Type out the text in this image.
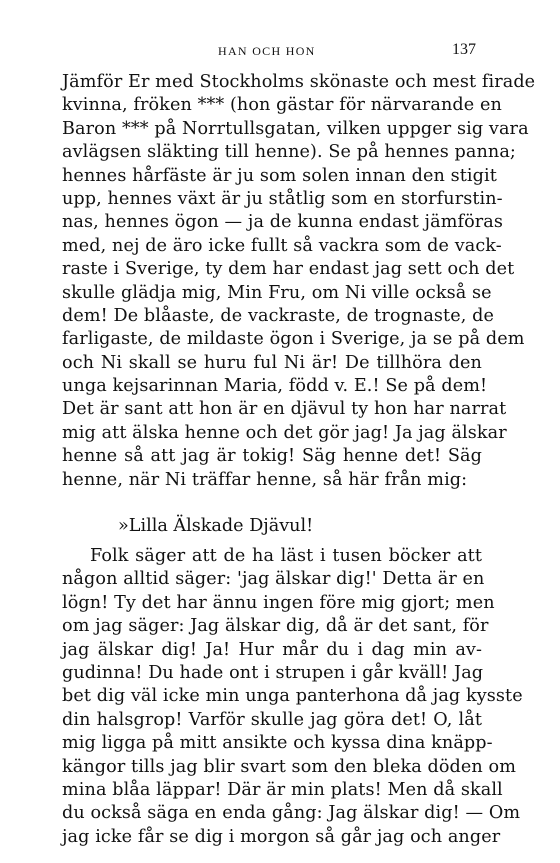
HAN OCH HON	137
Jämför Er med Stockholms skönaste och mest firade
kvinna, fröken *** (hon gästar för närvarande en
Baron *** på Norrtullsgatan, vilken uppger sig vara
avlägsen släkting till henne). Se på hennes panna;
hennes hårfäste är ju som solen innan den stigit
upp, hennes växt är ju ståtlig som en storfurstin-
nas, hennes ögon — ja de kunna endast jämföras
med, nej de äro icke fullt så vackra som de vack-
raste i Sverige, ty dem har endast jag sett och det
skulle glädja mig, Min Fru, om Ni ville också se
dem! De blåaste, de vackraste, de trognaste, de
farligaste, de mildaste ögon i Sverige, ja se på dem
och Ni skall se huru ful Ni är! De tillhöra den
unga kejsarinnan Maria, född v. E.! Se på dem!
Det är sant att hon är en djävul ty hon har narrat
mig att älska henne och det gör jag! Ja jag älskar
henne så att jag är tokig! Säg henne det! Säg
henne, när Ni träffar henne, så här från mig:
»Lilla Älskade Djävul!
Folk säger att de ha läst i tusen böcker att
någon alltid säger: 'jag älskar dig!' Detta är en
lögn! Ty det har ännu ingen före mig gjort; men
om jag säger: Jag älskar dig, då är det sant, för
jag älskar dig! Ja! Hur mår du i dag min av-
gudinna! Du hade ont i strupen i går kväll! Jag
bet dig väl icke min unga panterhona då jag kysste
din halsgrop! Varför skulle jag göra det! O, låt
mig ligga på mitt ansikte och kyssa dina knäpp-
kängor tills jag blir svart som den bleka döden om
mina blåa läppar! Där är min plats! Men då skall
du också säga en enda gång: Jag älskar dig! — Om
jag icke får se dig i morgon så går jag och anger
